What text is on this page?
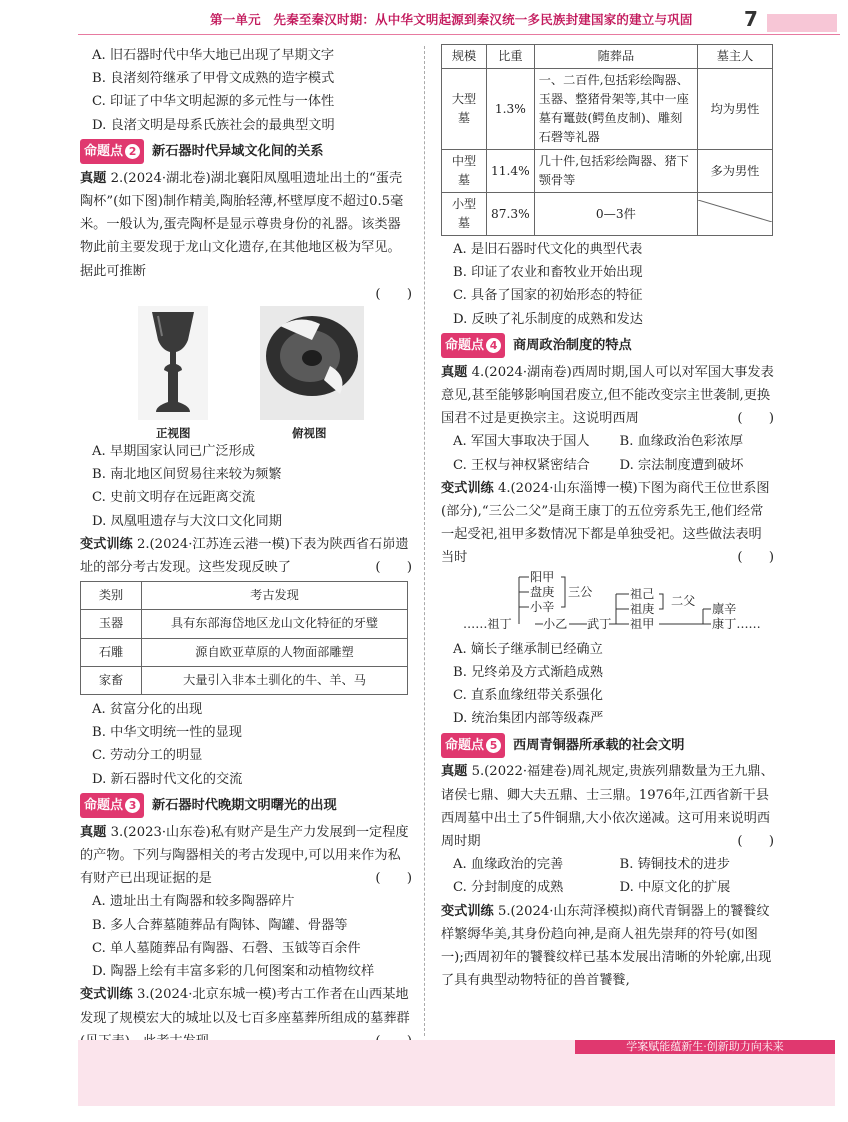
第一单元　先秦至秦汉时期：从中华文明起源到秦汉统一多民族封建国家的建立与巩固	7
A. 旧石器时代中华大地已出现了早期文字
B. 良渚刻符继承了甲骨文成熟的造字模式
C. 印证了中华文明起源的多元性与一体性
D. 良渚文明是母系氏族社会的最典型文明
命题点 2 新石器时代异域文化间的关系
真题 2.(2024·湖北卷)湖北襄阳凤凰咀遗址出土的“蛋壳陶杯”(如下图)制作精美,陶胎轻薄,杯壁厚度不超过0.5毫米。一般认为,蛋壳陶杯是显示尊贵身份的礼器。该类器物此前主要发现于龙山文化遗存,在其他地区极为罕见。据此可推断
(　　)
正视图	俯视图
A. 早期国家认同已广泛形成
B. 南北地区间贸易往来较为频繁
C. 史前文明存在远距离交流
D. 凤凰咀遗存与大汶口文化同期
变式训练 2.(2024·江苏连云港一模)下表为陕西省石峁遗址的部分考古发现。这些发现反映了	(　　)
类别	考古发现
玉器	具有东部海岱地区龙山文化特征的牙璧
石雕	源自欧亚草原的人物面部雕塑
家畜	大量引入非本土驯化的牛、羊、马
A. 贫富分化的出现
B. 中华文明统一性的显现
C. 劳动分工的明显
D. 新石器时代文化的交流
命题点 3 新石器时代晚期文明曙光的出现
真题 3.(2023·山东卷)私有财产是生产力发展到一定程度的产物。下列与陶器相关的考古发现中,可以用来作为私有财产已出现证据的是	(　　)
A. 遗址出土有陶器和较多陶器碎片
B. 多人合葬墓随葬品有陶钵、陶罐、骨器等
C. 单人墓随葬品有陶器、石磬、玉钺等百余件
D. 陶器上绘有丰富多彩的几何图案和动植物纹样
变式训练 3.(2024·北京东城一模)考古工作者在山西某地发现了规模宏大的城址以及七百多座墓葬所组成的墓葬群
规模	比重	随葬品	墓主人
大型墓	1.3%	一、二百件,包括彩绘陶器、玉器、整猪骨架等,其中一座墓有鼍鼓(鳄鱼皮制)、雕刻石磬等礼器	均为男性
中型墓	11.4%	几十件,包括彩绘陶器、猪下颚骨等	多为男性
小型墓	87.3%	0—3件	
A. 是旧石器时代文化的典型代表
B. 印证了农业和畜牧业开始出现
C. 具备了国家的初始形态的特征
D. 反映了礼乐制度的成熟和发达
命题点 4 商周政治制度的特点
真题 4.(2024·湖南卷)西周时期,国人可以对军国大事发表意见,甚至能够影响国君废立,但不能改变宗主世袭制,更换国君不过是更换宗主。这说明西周	(　　)
A. 军国大事取决于国人	B. 血缘政治色彩浓厚
C. 王权与神权紧密结合	D. 宗法制度遭到破坏
变式训练 4.(2024·山东淄博一模)下图为商代王位世系图(部分),“三公二父”是商王康丁的五位旁系先王,他们经常一起受祀,祖甲多数情况下都是单独受祀。这些做法表明当时	(　　)
阳甲
盘庚
小辛
三公
……祖丁	小乙 武丁
祖己
祖庚
二父
祖甲
廪辛
康丁……
A. 嫡长子继承制已经确立
B. 兄终弟及方式渐趋成熟
C. 直系血缘纽带关系强化
D. 统治集团内部等级森严
命题点 5 西周青铜器所承载的社会文明
真题 5.(2022·福建卷)周礼规定,贵族列鼎数量为王九鼎、诸侯七鼎、卿大夫五鼎、士三鼎。1976年,江西省新干县西周墓中出土了5件铜鼎,大小依次递减。这可用来说明西周时期	(　　)
A. 血缘政治的完善	B. 铸铜技术的进步
C. 分封制度的成熟	D. 中原文化的扩展
变式训练 5.(2024·山东菏泽模拟)商代青铜器上的饕餮纹样繁缛华美,其身份趋向神,是商人祖先崇拜的符号(如图一);西周初年的饕餮纹样已基本发展出清晰的外轮廓,出现了具有典型动物特征的兽首饕餮,
学案赋能蕴新生·创新助力向未来
